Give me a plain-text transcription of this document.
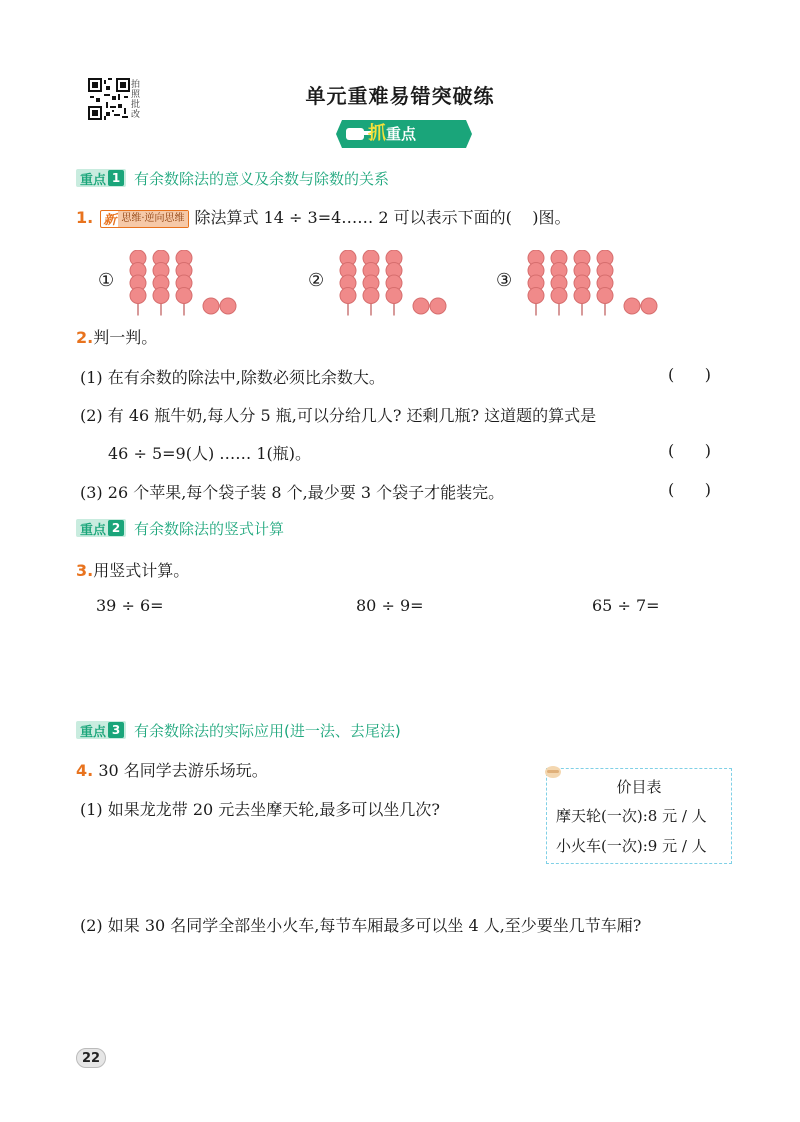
拍照批改
单元重难易错突破练
抓重点
重点 1 有余数除法的意义及余数与除数的关系
1. 新 思维·逆向思维 除法算式 14 ÷ 3=4…… 2 可以表示下面的( )图。
①	②	③
2.判一判。
(1) 在有余数的除法中,除数必须比余数大。	(      )
(2) 有 46 瓶牛奶,每人分 5 瓶,可以分给几人? 还剩几瓶? 这道题的算式是
46 ÷ 5=9(人) …… 1(瓶)。	(      )
(3) 26 个苹果,每个袋子装 8 个,最少要 3 个袋子才能装完。	(      )
重点 2 有余数除法的竖式计算
3.用竖式计算。
39 ÷ 6=	80 ÷ 9=	65 ÷ 7=
重点 3 有余数除法的实际应用(进一法、去尾法)
4. 30 名同学去游乐场玩。
(1) 如果龙龙带 20 元去坐摩天轮,最多可以坐几次?
价目表
摩天轮(一次):8 元 / 人
小火车(一次):9 元 / 人
(2) 如果 30 名同学全部坐小火车,每节车厢最多可以坐 4 人,至少要坐几节车厢?
22
